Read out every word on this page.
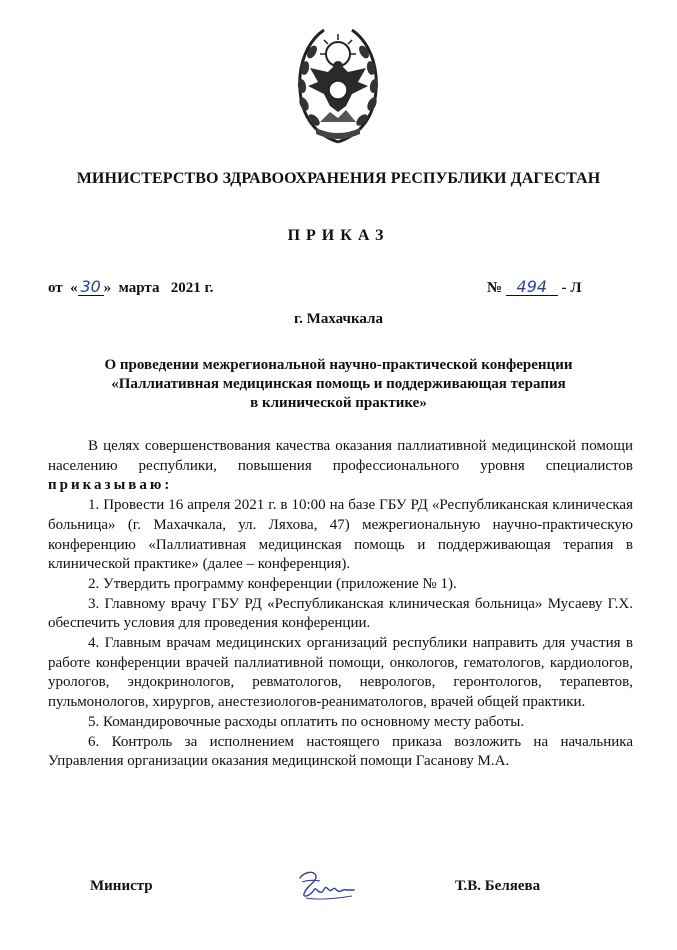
МИНИСТЕРСТВО ЗДРАВООХРАНЕНИЯ РЕСПУБЛИКИ ДАГЕСТАН
ПРИКАЗ
от  « 30 »  марта   2021 г.	№ 494 - Л
г. Махачкала
О проведении межрегиональной научно-практической конференции
«Паллиативная медицинская помощь и поддерживающая терапия
в клинической практике»

В целях совершенствования качества оказания паллиативной медицинской помощи населению республики, повышения профессионального уровня специалистов приказываю:

1. Провести 16 апреля 2021 г. в 10:00 на базе ГБУ РД «Республиканская клиническая больница» (г. Махачкала, ул. Ляхова, 47) межрегиональную научно-практическую конференцию «Паллиативная медицинская помощь и поддерживающая терапия в клинической практике» (далее – конференция).

2. Утвердить программу конференции (приложение № 1).

3. Главному врачу ГБУ РД «Республиканская клиническая больница» Мусаеву Г.Х. обеспечить условия для проведения конференции.

4. Главным врачам медицинских организаций республики направить для участия в работе конференции врачей паллиативной помощи, онкологов, гематологов, кардиологов, урологов, эндокринологов, ревматологов, неврологов, геронтологов, терапевтов, пульмонологов, хирургов, анестезиологов-реаниматологов, врачей общей практики.

5. Командировочные расходы оплатить по основному месту работы.

6. Контроль за исполнением настоящего приказа возложить на начальника Управления организации оказания медицинской помощи Гасанову М.А.

Министр	Т.В. Беляева
